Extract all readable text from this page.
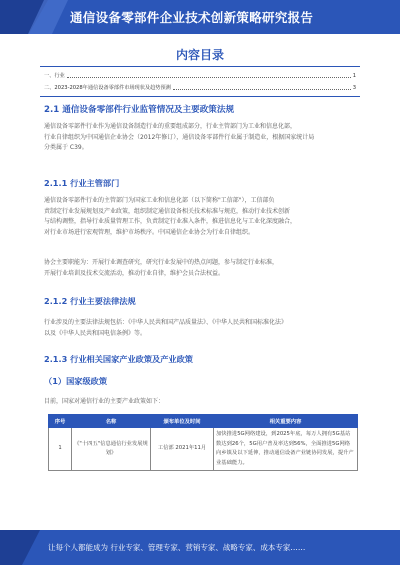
通信设备零部件企业技术创新策略研究报告
内容目录
一、行业	1
二、2023-2028年通信设备零部件市场现状及趋势预测	3
2.1 通信设备零部件行业监管情况及主要政策法规
通信设备零部件行业作为通信设备制造行业的重要组成部分，行业主管部门为工业和信息化部，
行业自律组织为中国通信企业协会（2012年修订），通信设备零部件行业属于制造业，根据国家统计局
分类属于 C39。
2.1.1 行业主管部门
通信设备零部件行业的主管部门为国家工业和信息化部（以下简称"工信部"），工信部负
责制定行业发展规划及产业政策，组织制定通信设备相关技术标准与规范，推动行业技术创新
与结构调整，指导行业质量管理工作，负责制定行业准入条件，推进信息化与工业化深度融合，
对行业市场进行宏观管理，维护市场秩序。中国通信企业协会为行业自律组织。
协会主要职能为：开展行业调查研究，研究行业发展中的热点问题，参与制定行业标准，
开展行业培训及技术交流活动，推动行业自律，维护会员合法权益。
2.1.2 行业主要法律法规
行业涉及的主要法律法规包括：《中华人民共和国产品质量法》、《中华人民共和国标准化法》
以及《中华人民共和国电信条例》等。
2.1.3 行业相关国家产业政策及产业政策
（1）国家级政策
目前，国家对通信行业的主要产业政策如下：
序号	名称	颁布单位及时间	相关重要内容
1	《"十四五"信息通信行业发展规划》	工信部 2021年11月	加快推进5G网络建设，到2025年底，每万人拥有5G基站数达到26个，5G用户普及率达到56%，全面推进5G网络向乡镇及以下延伸，推动通信设备产业链协同发展，提升产业基础能力。
让每个人都能成为 行业专家、管理专家、营销专家、战略专家、成本专家……
